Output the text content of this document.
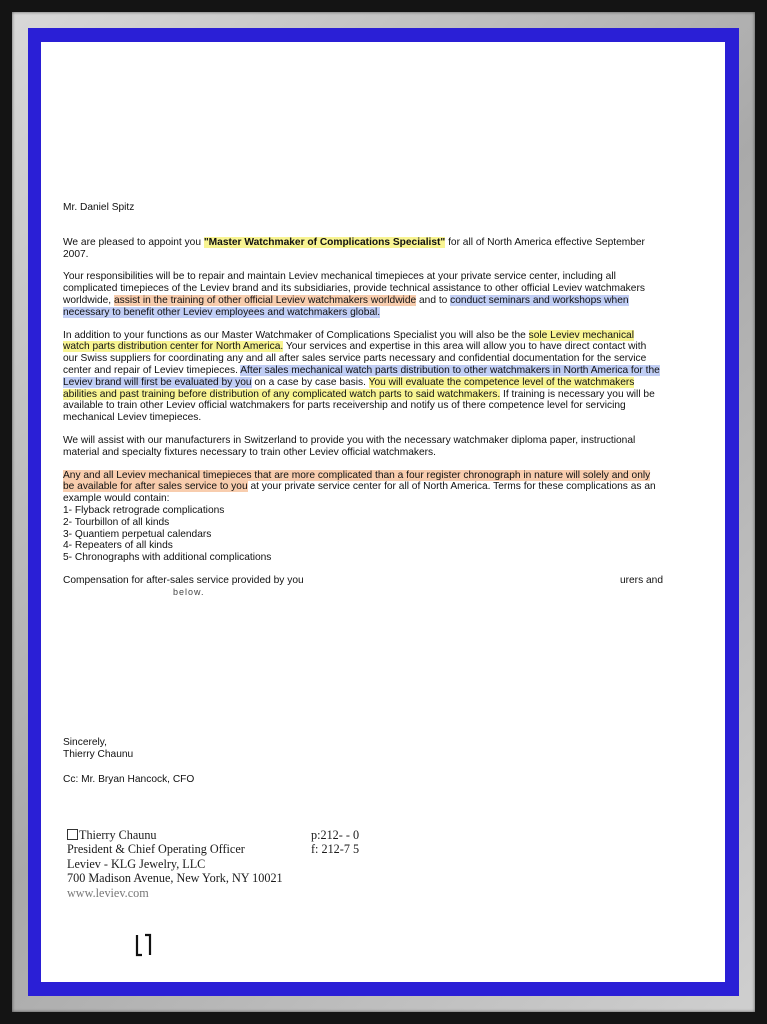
Mr. Daniel Spitz

We are pleased to appoint you "Master Watchmaker of Complications Specialist" for all of North America effective September 2007.

Your responsibilities will be to repair and maintain Leviev mechanical timepieces at your private service center, including all complicated timepieces of the Leviev brand and its subsidiaries, provide technical assistance to other official Leviev watchmakers worldwide, assist in the training of other official Leviev watchmakers worldwide and to conduct seminars and workshops when necessary to benefit other Leviev employees and watchmakers global.

In addition to your functions as our Master Watchmaker of Complications Specialist you will also be the sole Leviev mechanical watch parts distribution center for North America. Your services and expertise in this area will allow you to have direct contact with our Swiss suppliers for coordinating any and all after sales service parts necessary and confidential documentation for the service center and repair of Leviev timepieces. After sales mechanical watch parts distribution to other watchmakers in North America for the Leviev brand will first be evaluated by you on a case by case basis. You will evaluate the competence level of the watchmakers abilities and past training before distribution of any complicated watch parts to said watchmakers. If training is necessary you will be available to train other Leviev official watchmakers for parts receivership and notify us of there competence level for servicing mechanical Leviev timepieces.

We will assist with our manufacturers in Switzerland to provide you with the necessary watchmaker diploma paper, instructional material and specialty fixtures necessary to train other Leviev official watchmakers.

Any and all Leviev mechanical timepieces that are more complicated than a four register chronograph in nature will solely and only be available for after sales service to you at your private service center for all of North America. Terms for these complications as an example would contain:

1- Flyback retrograde complications
2- Tourbillon of all kinds
3- Quantiem perpetual calendars
4- Repeaters of all kinds
5- Chronographs with additional complications

Compensation for after-sales service provided by you	urers and
below.
Sincerely,
Thierry Chaunu
Cc: Mr. Bryan Hancock, CFO
Thierry Chaunu	p:212- - 0
President & Chief Operating Officer	f: 212-7 5
Leviev - KLG Jewelry, LLC
700 Madison Avenue, New York, NY 10021
www.leviev.com
